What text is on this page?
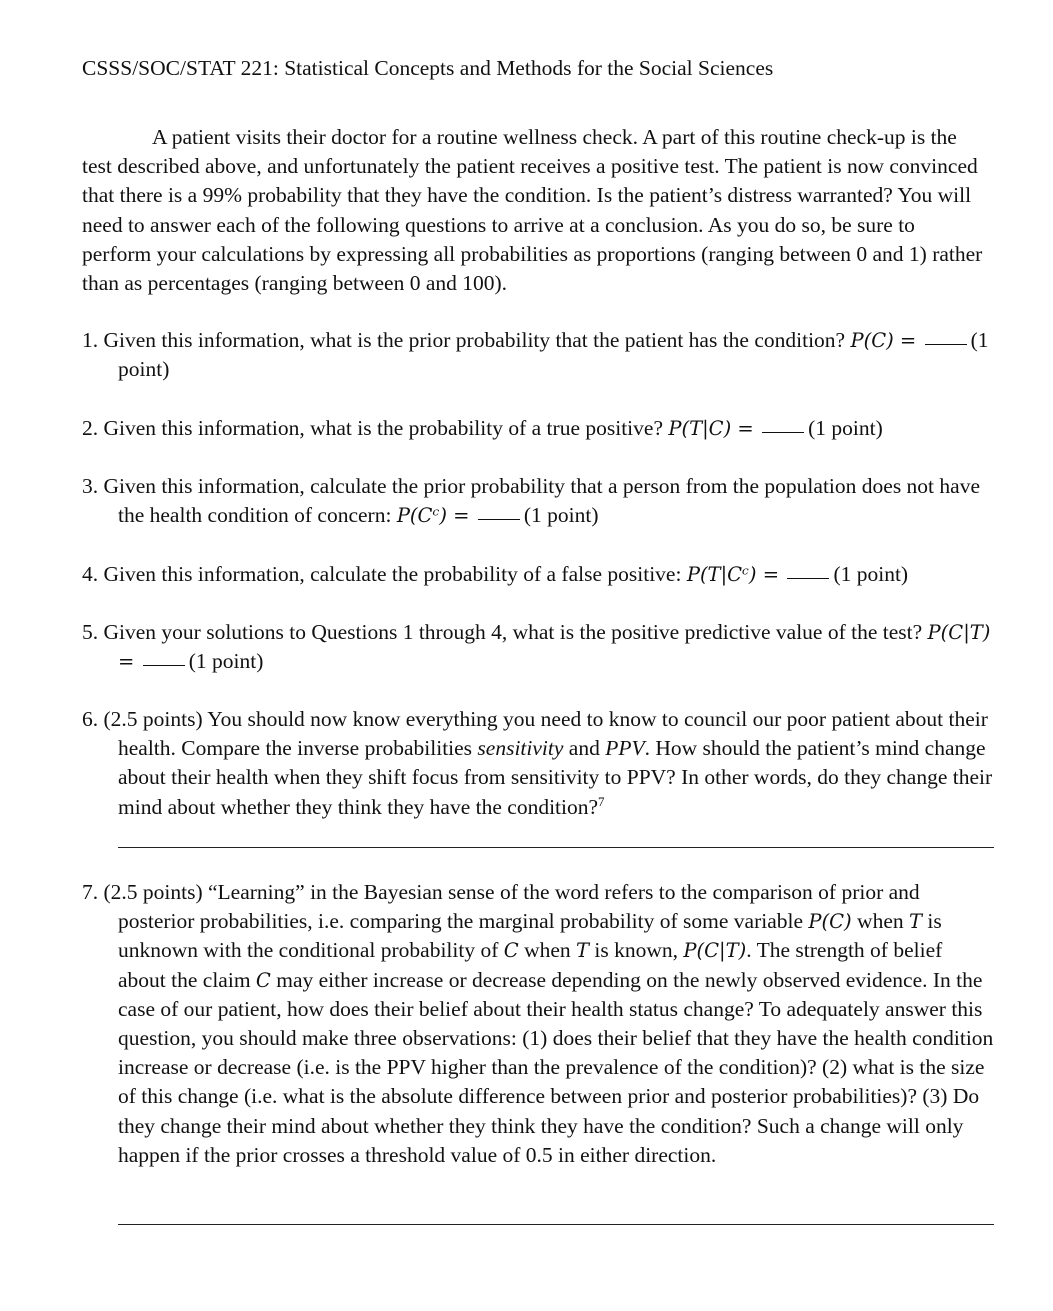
CSSS/SOC/STAT 221: Statistical Concepts and Methods for the Social Sciences
A patient visits their doctor for a routine wellness check. A part of this routine check-up is the test described above, and unfortunately the patient receives a positive test. The patient is now convinced that there is a 99% probability that they have the condition. Is the patient’s distress warranted? You will need to answer each of the following questions to arrive at a conclusion. As you do so, be sure to perform your calculations by expressing all probabilities as proportions (ranging between 0 and 1) rather than as percentages (ranging between 0 and 100).
1. Given this information, what is the prior probability that the patient has the condition? P(C) =	(1 point)
2. Given this information, what is the probability of a true positive? P(T|C) =	(1 point)
3. Given this information, calculate the prior probability that a person from the population does not have the health condition of concern: P(Cᶜ) =	(1 point)
4. Given this information, calculate the probability of a false positive: P(T|Cᶜ) =	(1 point)
5. Given your solutions to Questions 1 through 4, what is the positive predictive value of the test? P(C|T) =	(1 point)
6. (2.5 points) You should now know everything you need to know to council our poor patient about their health. Compare the inverse probabilities sensitivity and PPV. How should the patient’s mind change about their health when they shift focus from sensitivity to PPV? In other words, do they change their mind about whether they think they have the condition?$^7$
7. (2.5 points) “Learning” in the Bayesian sense of the word refers to the comparison of prior and posterior probabilities, i.e. comparing the marginal probability of some variable P(C) when T is unknown with the conditional probability of C when T is known, P(C|T). The strength of belief about the claim C may either increase or decrease depending on the newly observed evidence. In the case of our patient, how does their belief about their health status change? To adequately answer this question, you should make three observations: (1) does their belief that they have the health condition increase or decrease (i.e. is the PPV higher than the prevalence of the condition)? (2) what is the size of this change (i.e. what is the absolute difference between prior and posterior probabilities)? (3) Do they change their mind about whether they think they have the condition? Such a change will only happen if the prior crosses a threshold value of 0.5 in either direction.
